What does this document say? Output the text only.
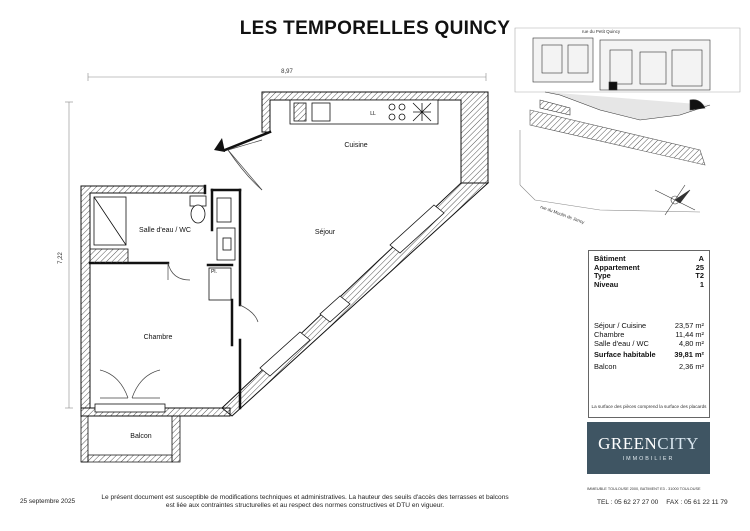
LES TEMPORELLES QUINCY
8,97
7,22
LL
Pl.
Cuisine
Séjour
Salle d'eau / WC
Chambre
Balcon
rue du Petit Quincy
rue du Moulin de Jancy
Bâtiment	A
Appartement	25
Type	T2
Niveau	1
Séjour / Cuisine	23,57 m²
Chambre	11,44 m²
Salle d'eau / WC	4,80 m²
Surface habitable	39,81 m²
Balcon	2,36 m²
La surface des pièces comprend la surface des placards
GREENCITY
IMMOBILIER
IMMEUBLE TOULOUSE 2000, BATIMENT E3 - 31000 TOULOUSE
TEL : 05 62 27 27 00 FAX : 05 61 22 11 79
25 septembre 2025
Le présent document est susceptible de modifications techniques et administratives. La hauteur des seuils d'accès des terrasses et balcons est liée aux contraintes structurelles et au respect des normes constructives et DTU en vigueur.
